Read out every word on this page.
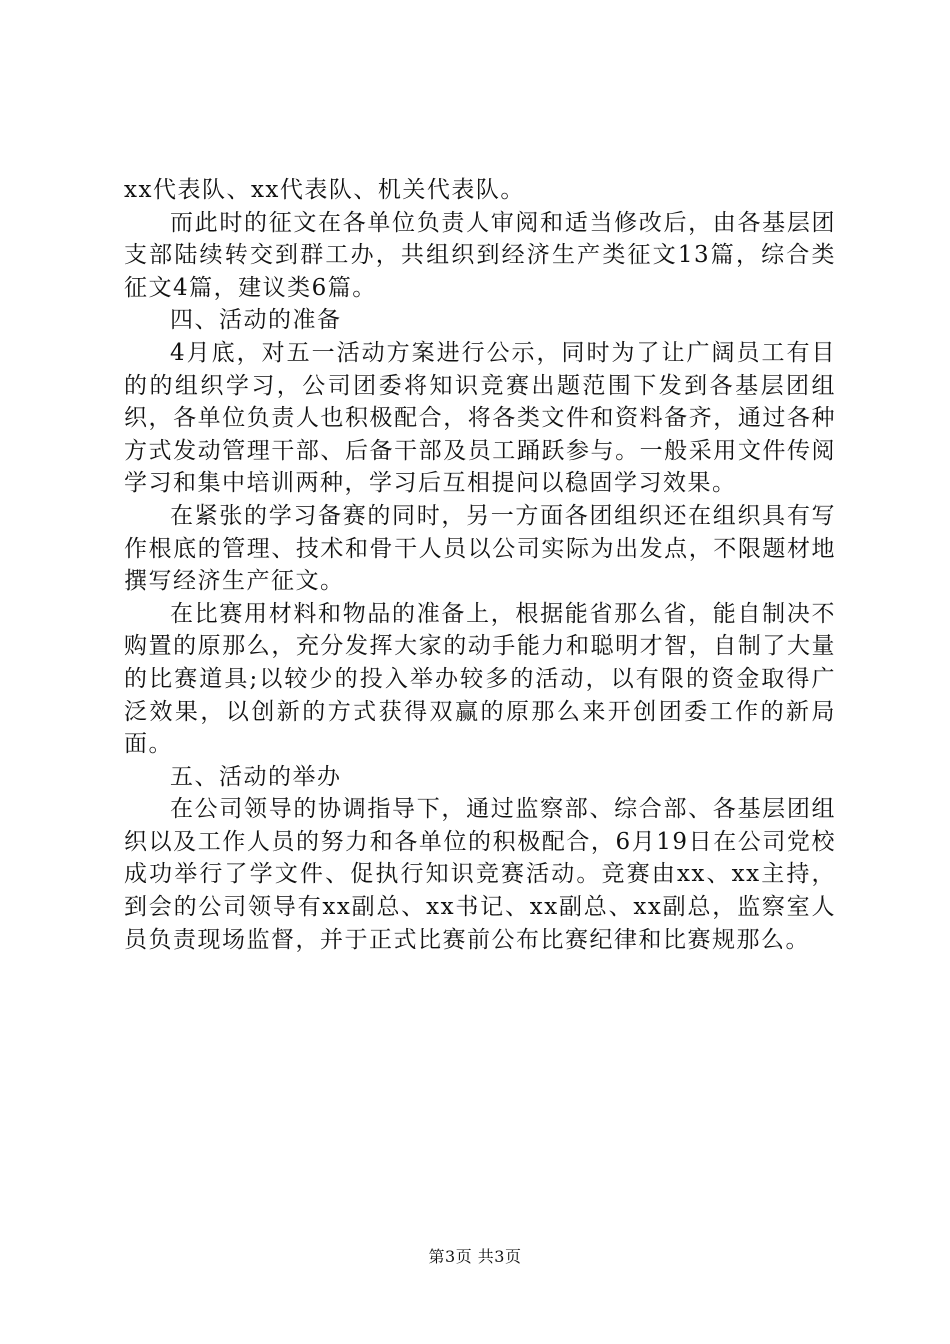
xx代表队、xx代表队、机关代表队。

而此时的征文在各单位负责人审阅和适当修改后，由各基层团支部陆续转交到群工办，共组织到经济生产类征文13篇，综合类征文4篇，建议类6篇。

四、活动的准备

4月底，对五一活动方案进行公示，同时为了让广阔员工有目的的组织学习，公司团委将知识竞赛出题范围下发到各基层团组织，各单位负责人也积极配合，将各类文件和资料备齐，通过各种方式发动管理干部、后备干部及员工踊跃参与。一般采用文件传阅学习和集中培训两种，学习后互相提问以稳固学习效果。

在紧张的学习备赛的同时，另一方面各团组织还在组织具有写作根底的管理、技术和骨干人员以公司实际为出发点，不限题材地撰写经济生产征文。

在比赛用材料和物品的准备上，根据能省那么省，能自制决不购置的原那么，充分发挥大家的动手能力和聪明才智，自制了大量的比赛道具;以较少的投入举办较多的活动，以有限的资金取得广泛效果，以创新的方式获得双赢的原那么来开创团委工作的新局面。

五、活动的举办

在公司领导的协调指导下，通过监察部、综合部、各基层团组织以及工作人员的努力和各单位的积极配合，6月19日在公司党校成功举行了学文件、促执行知识竞赛活动。竞赛由xx、xx主持，到会的公司领导有xx副总、xx书记、xx副总、xx副总，监察室人员负责现场监督，并于正式比赛前公布比赛纪律和比赛规那么。

第3页 共3页
